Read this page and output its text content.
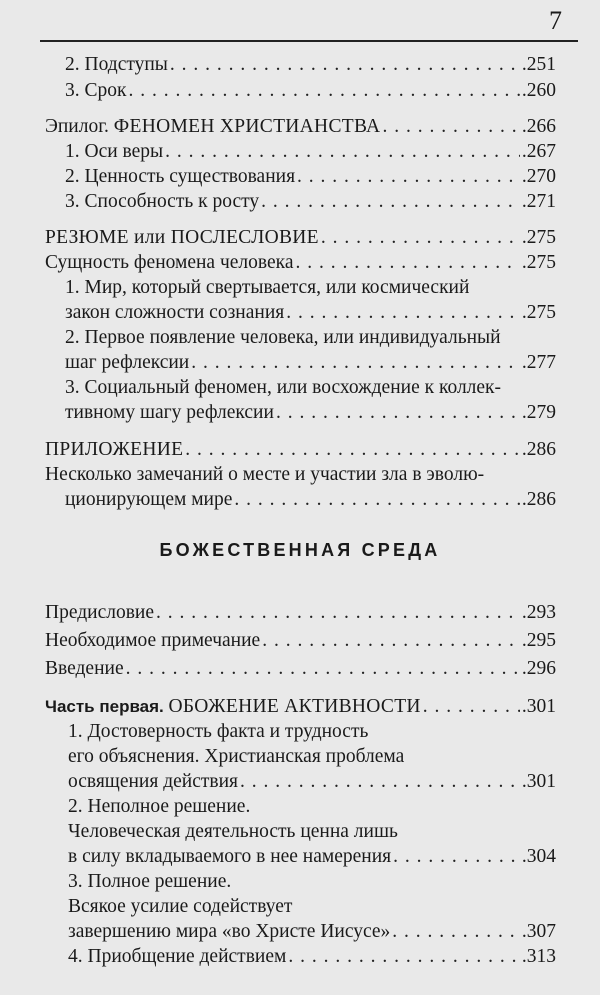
7
2. Подступы . . .	.251
3. Срок . . .	.260
Эпилог. ФЕНОМЕН ХРИСТИАНСТВА . . .	.266
1. Оси веры . . .	.267
2. Ценность существования . . .	.270
3. Способность к росту . . .	.271
РЕЗЮМЕ или ПОСЛЕСЛОВИЕ . . .	.275
Сущность феномена человека . . .	.275
1. Мир, который свертывается, или космический
закон сложности сознания . . .	.275
2. Первое появление человека, или индивидуальный
шаг рефлексии . . .	.277
3. Социальный феномен, или восхождение к коллек-
тивному шагу рефлексии . . .	.279
ПРИЛОЖЕНИЕ . . .	.286
Несколько замечаний о месте и участии зла в эволю-
ционирующем мире . . .	.286
БОЖЕСТВЕННАЯ СРЕДА
Предисловие . . .	.293
Необходимое примечание . . .	.295
Введение . . .	.296
Часть первая. ОБОЖЕНИЕ АКТИВНОСТИ . . .	.301
1. Достоверность факта и трудность
его объяснения. Христианская проблема
освящения действия . . .	.301
2. Неполное решение.
Человеческая деятельность ценна лишь
в силу вкладываемого в нее намерения . . .	.304
3. Полное решение.
Всякое усилие содействует
завершению мира «во Христе Иисусе» . . .	.307
4. Приобщение действием . . .	.313
